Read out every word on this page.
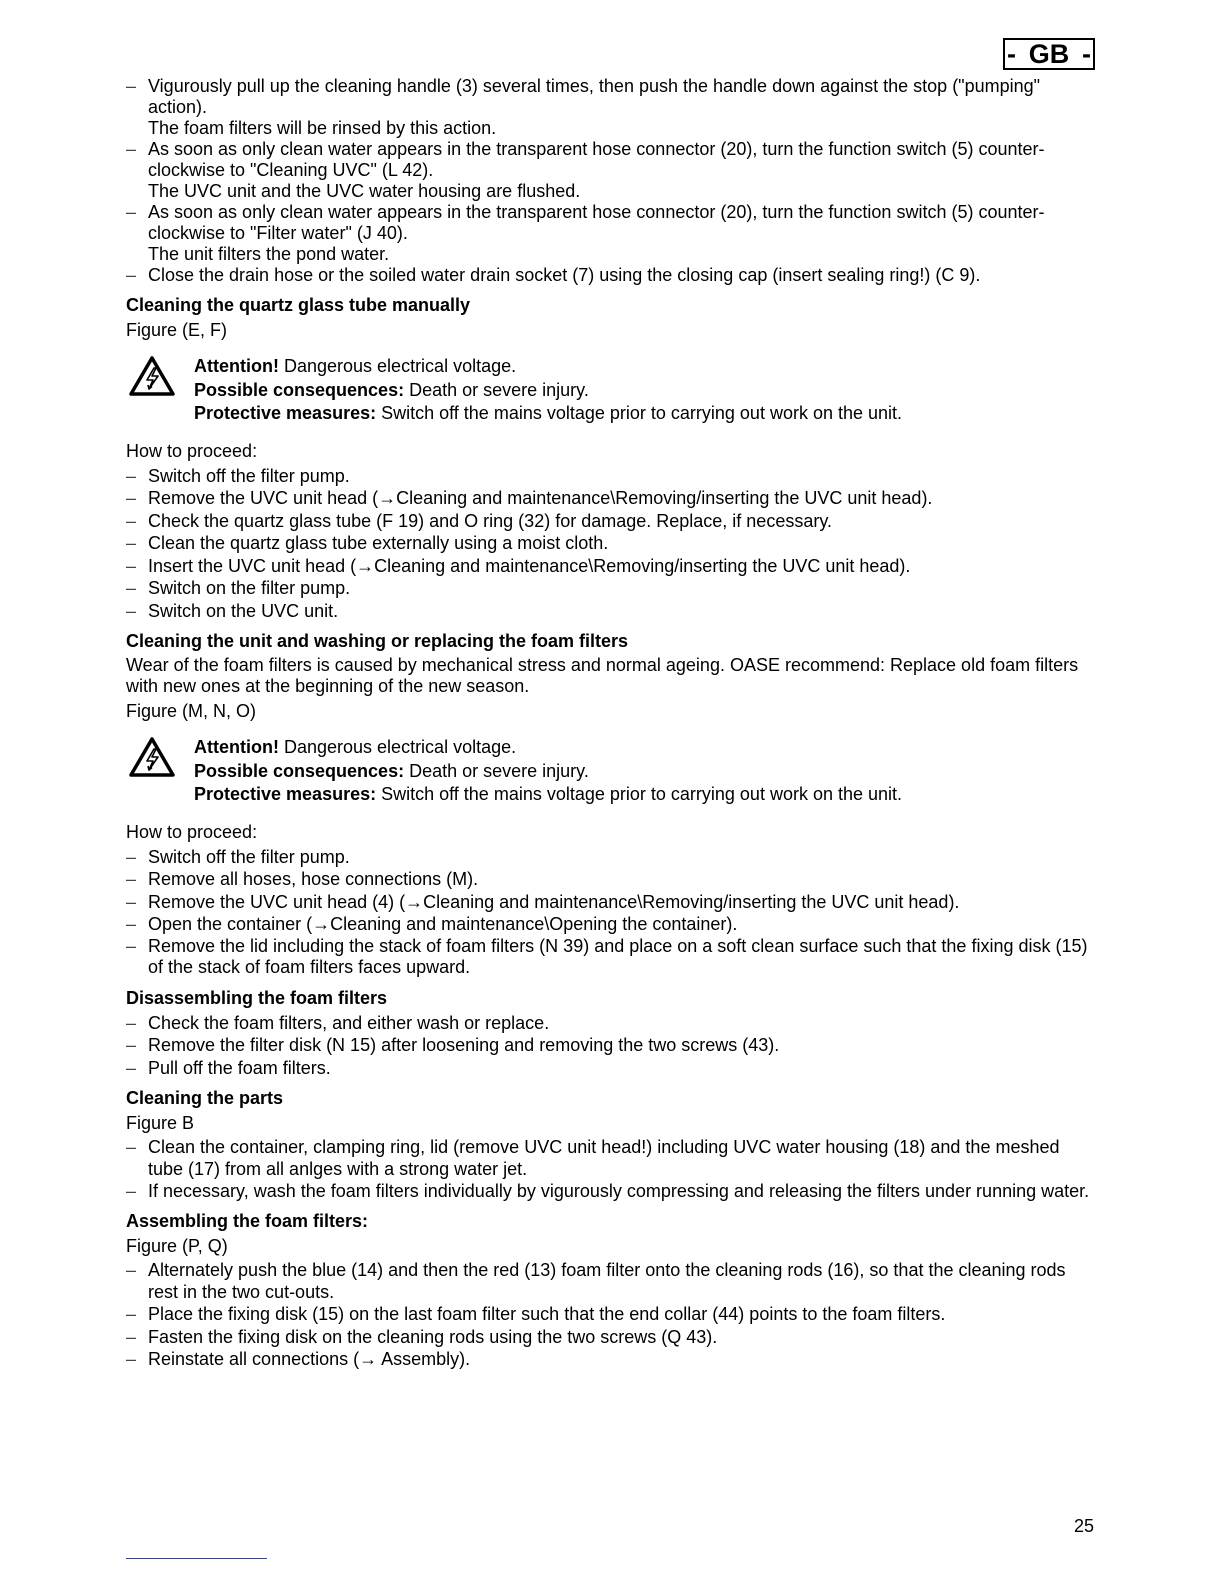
- GB -
– Vigurously pull up the cleaning handle (3) several times, then push the handle down against the stop ("pumping" action).
The foam filters will be rinsed by this action.
– As soon as only clean water appears in the transparent hose connector (20), turn the function switch (5) counter-clockwise to "Cleaning UVC" (L 42).
The UVC unit and the UVC water housing are flushed.
– As soon as only clean water appears in the transparent hose connector (20), turn the function switch (5) counter-clockwise to "Filter water" (J 40).
The unit filters the pond water.
– Close the drain hose or the soiled water drain socket (7) using the closing cap (insert sealing ring!) (C 9).
Cleaning the quartz glass tube manually

Figure (E, F)

Attention! Dangerous electrical voltage.

Possible consequences: Death or severe injury.

Protective measures: Switch off the mains voltage prior to carrying out work on the unit.

How to proceed:

– Switch off the filter pump.
– Remove the UVC unit head (→Cleaning and maintenance\Removing/inserting the UVC unit head).
– Check the quartz glass tube (F 19) and O ring (32) for damage. Replace, if necessary.
– Clean the quartz glass tube externally using a moist cloth.
– Insert the UVC unit head (→Cleaning and maintenance\Removing/inserting the UVC unit head).
– Switch on the filter pump.
– Switch on the UVC unit.
Cleaning the unit and washing or replacing the foam filters

Wear of the foam filters is caused by mechanical stress and normal ageing. OASE recommend: Replace old foam filters with new ones at the beginning of the new season.

Figure (M, N, O)

Attention! Dangerous electrical voltage.

Possible consequences: Death or severe injury.

Protective measures: Switch off the mains voltage prior to carrying out work on the unit.

How to proceed:

– Switch off the filter pump.
– Remove all hoses, hose connections (M).
– Remove the UVC unit head (4) (→Cleaning and maintenance\Removing/inserting the UVC unit head).
– Open the container (→Cleaning and maintenance\Opening the container).
– Remove the lid including the stack of foam filters (N 39) and place on a soft clean surface such that the fixing disk (15) of the stack of foam filters faces upward.
Disassembling the foam filters
– Check the foam filters, and either wash or replace.
– Remove the filter disk (N 15) after loosening and removing the two screws (43).
– Pull off the foam filters.
Cleaning the parts

Figure B

– Clean the container, clamping ring, lid (remove UVC unit head!) including UVC water housing (18) and the meshed tube (17) from all anlges with a strong water jet.
– If necessary, wash the foam filters individually by vigurously compressing and releasing the filters under running water.
Assembling the foam filters:

Figure (P, Q)

– Alternately push the blue (14) and then the red (13) foam filter onto the cleaning rods (16), so that the cleaning rods rest in the two cut-outs.
– Place the fixing disk (15) on the last foam filter such that the end collar (44) points to the foam filters.
– Fasten the fixing disk on the cleaning rods using the two screws (Q 43).
– Reinstate all connections (→ Assembly).
25
